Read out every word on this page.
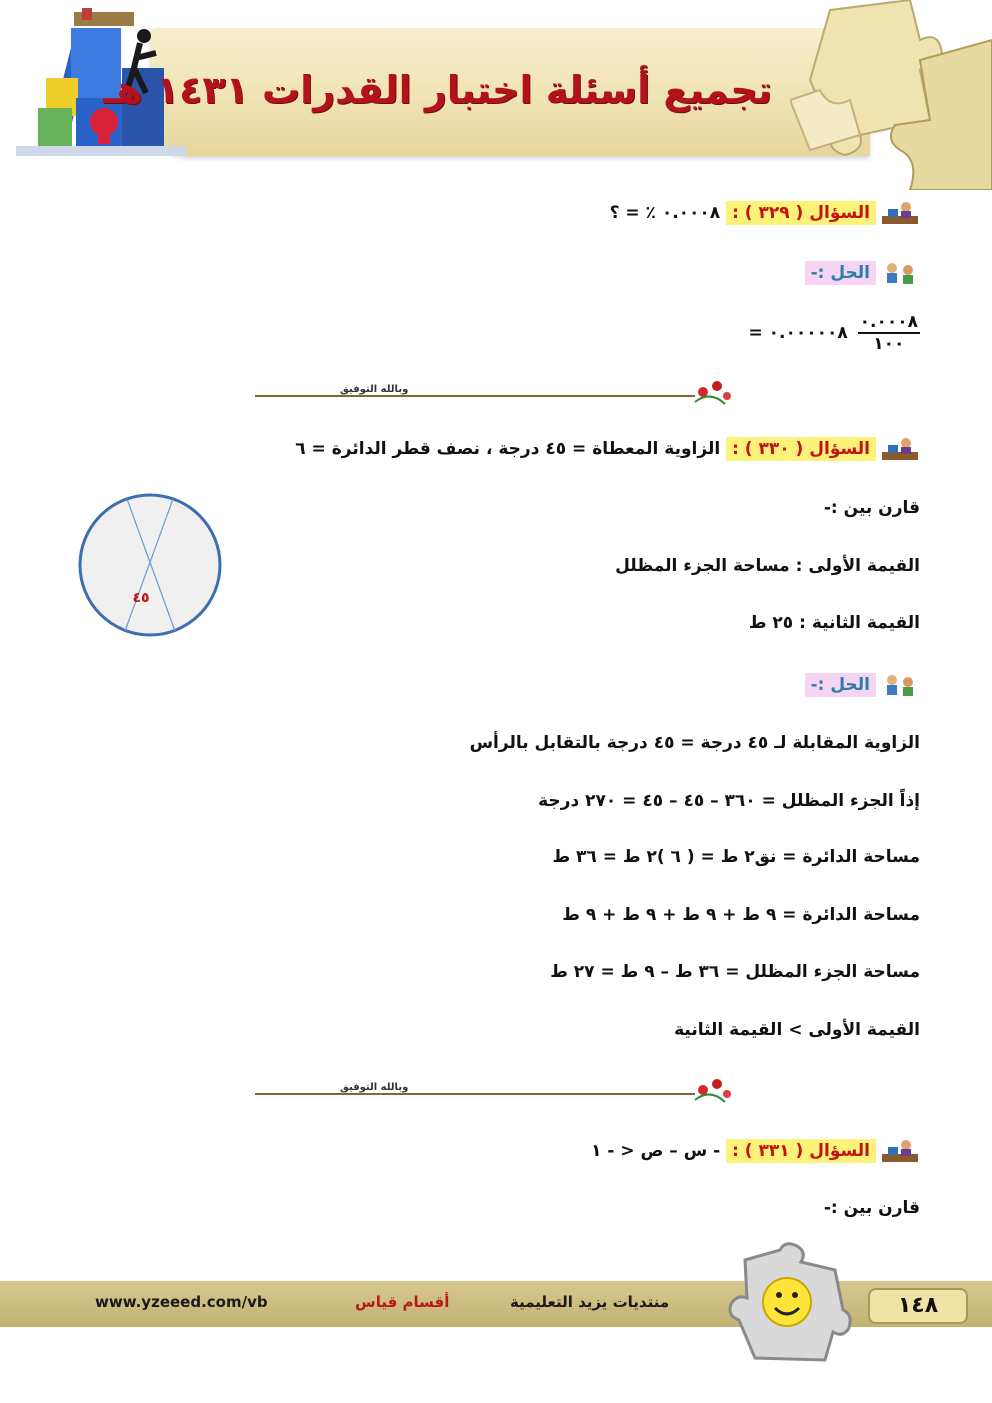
تجميع أسئلة اختبار القدرات ١٤٣١ هـ
السؤال ( ٣٢٩ ) : ٠.٠٠٠٨ ٪ = ؟
الحل :-
= ٠.٠٠٠٠٠٨ $\frac{٠.٠٠٠٨}{١٠٠}$
وبالله التوفيق
السؤال ( ٣٣٠ ) : الزاوية المعطاة = ٤٥ درجة ، نصف قطر الدائرة = ٦
قارن بين :-
القيمة الأولى : مساحة الجزء المظلل
القيمة الثانية : ٢٥ ط
٤٥
الحل :-
الزاوية المقابلة لـ ٤٥ درجة = ٤٥ درجة بالتقابل بالرأس
إذاً الجزء المظلل = ٣٦٠ – ٤٥ – ٤٥ = ٢٧٠ درجة
مساحة الدائرة = نق٢ ط = ( ٦ )٢ ط = ٣٦ ط
مساحة الدائرة = ٩ ط + ٩ ط + ٩ ط + ٩ ط
مساحة الجزء المظلل = ٣٦ ط – ٩ ط = ٢٧ ط
القيمة الأولى > القيمة الثانية
وبالله التوفيق
السؤال ( ٣٣١ ) : - س – ص < - ١
قارن بين :-
www.yzeeed.com/vb	أقسام قياس	منتديات يزيد التعليمية	١٤٨
